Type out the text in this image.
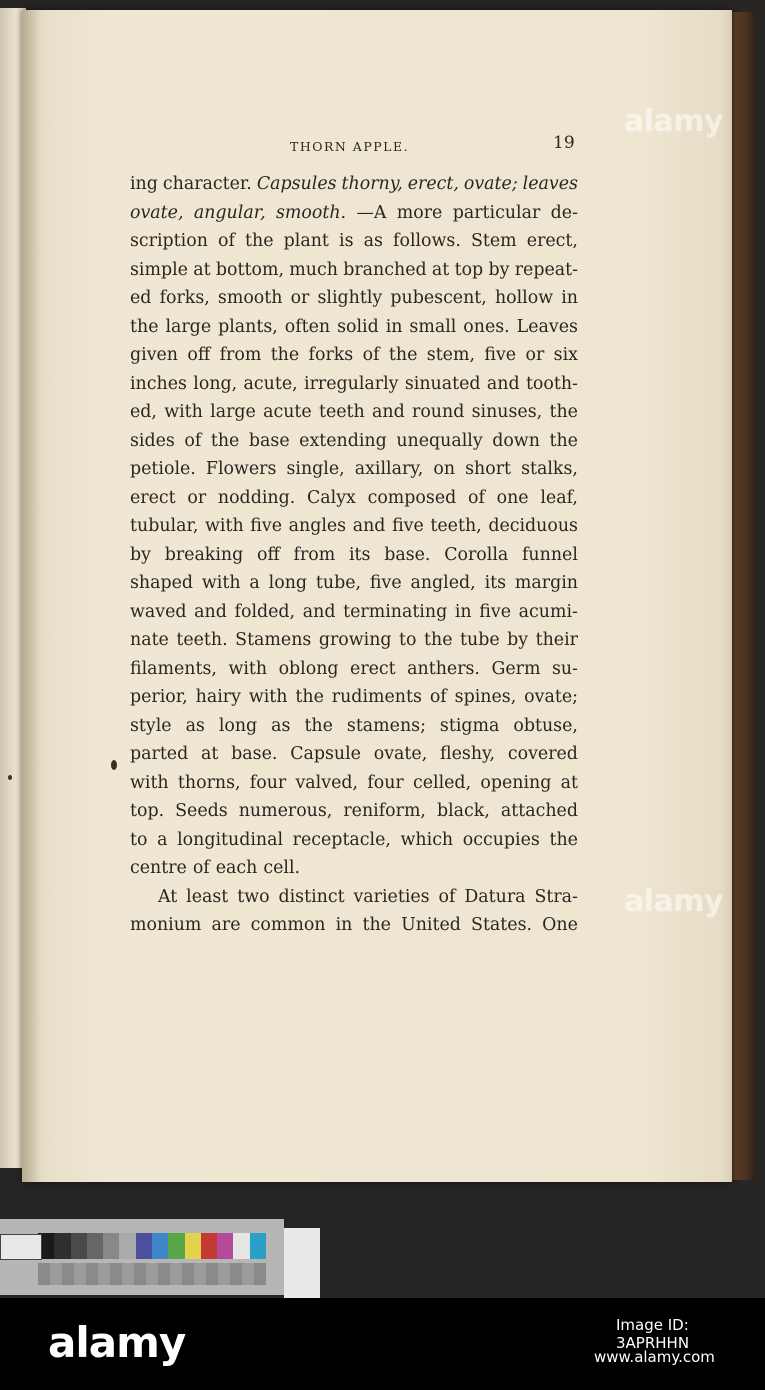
THORN APPLE.	19
ing character. Capsules thorny, erect, ovate; leaves
ovate, angular, smooth. —A more particular de-
scription of the plant is as follows. Stem erect,
simple at bottom, much branched at top by repeat-
ed forks, smooth or slightly pubescent, hollow in
the large plants, often solid in small ones. Leaves
given off from the forks of the stem, five or six
inches long, acute, irregularly sinuated and tooth-
ed, with large acute teeth and round sinuses, the
sides of the base extending unequally down the
petiole. Flowers single, axillary, on short stalks,
erect or nodding. Calyx composed of one leaf,
tubular, with five angles and five teeth, deciduous
by breaking off from its base. Corolla funnel
shaped with a long tube, five angled, its margin
waved and folded, and terminating in five acumi-
nate teeth. Stamens growing to the tube by their
filaments, with oblong erect anthers. Germ su-
perior, hairy with the rudiments of spines, ovate;
style as long as the stamens; stigma obtuse,
parted at base. Capsule ovate, fleshy, covered
with thorns, four valved, four celled, opening at
top. Seeds numerous, reniform, black, attached
to a longitudinal receptacle, which occupies the
centre of each cell.
At least two distinct varieties of Datura Stra-
monium are common in the United States. One
alamy
alamy
alamy	Image ID: 3APRHHN
www.alamy.com
